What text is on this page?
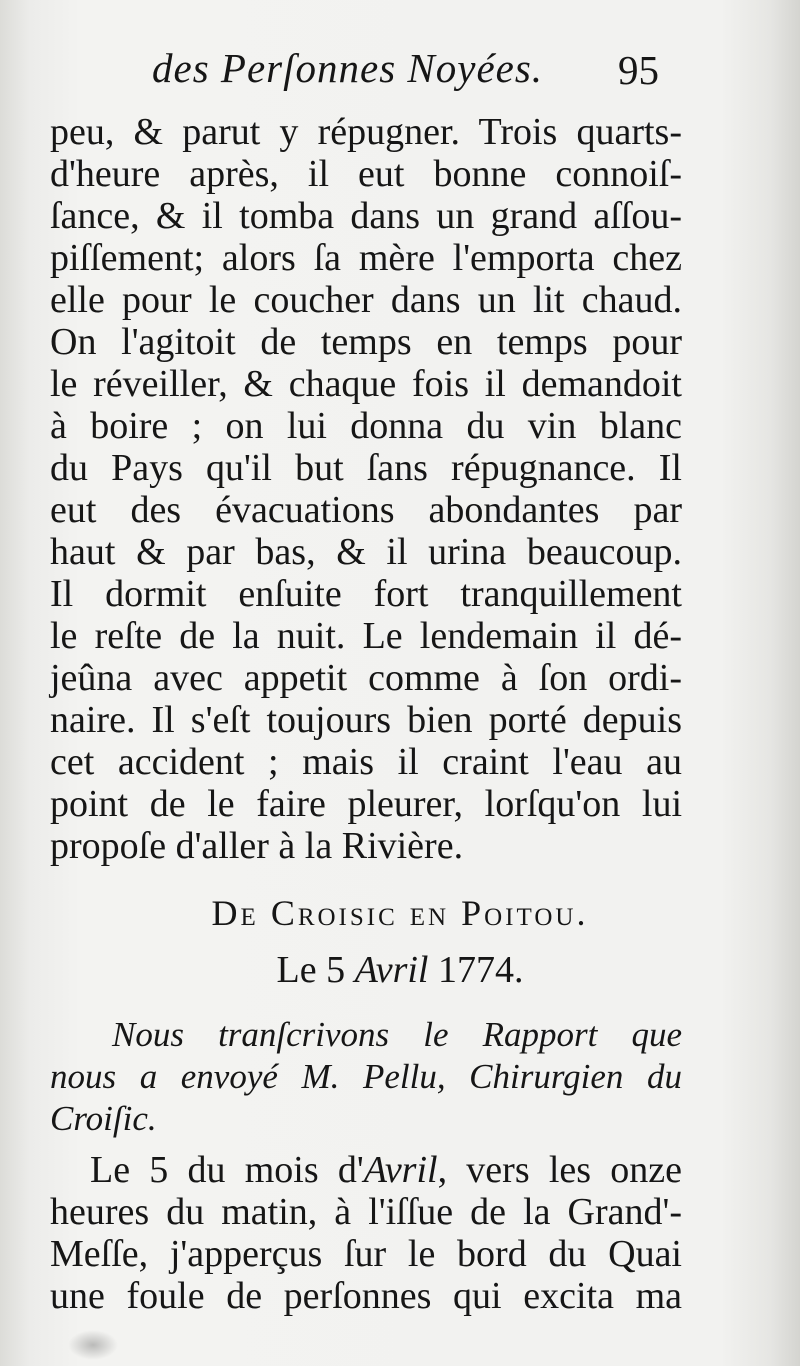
des Perſonnes Noyées. 95
peu, & parut y répugner. Trois quarts-
d'heure après, il eut bonne connoiſ-
ſance, & il tomba dans un grand aſſou-
piſſement; alors ſa mère l'emporta chez
elle pour le coucher dans un lit chaud.
On l'agitoit de temps en temps pour
le réveiller, & chaque fois il demandoit
à boire ; on lui donna du vin blanc
du Pays qu'il but ſans répugnance. Il
eut des évacuations abondantes par
haut & par bas, & il urina beaucoup.
Il dormit enſuite fort tranquillement
le reſte de la nuit. Le lendemain il dé-
jeûna avec appetit comme à ſon ordi-
naire. Il s'eſt toujours bien porté depuis
cet accident ; mais il craint l'eau au
point de le faire pleurer, lorſqu'on lui
propoſe d'aller à la Rivière.
De Croisic en Poitou.
Le 5 Avril 1774.
Nous tranſcrivons le Rapport que
nous a envoyé M. Pellu, Chirurgien du
Croiſic.
Le 5 du mois d'Avril, vers les onze
heures du matin, à l'iſſue de la Grand'-
Meſſe, j'apperçus ſur le bord du Quai
une foule de perſonnes qui excita ma
